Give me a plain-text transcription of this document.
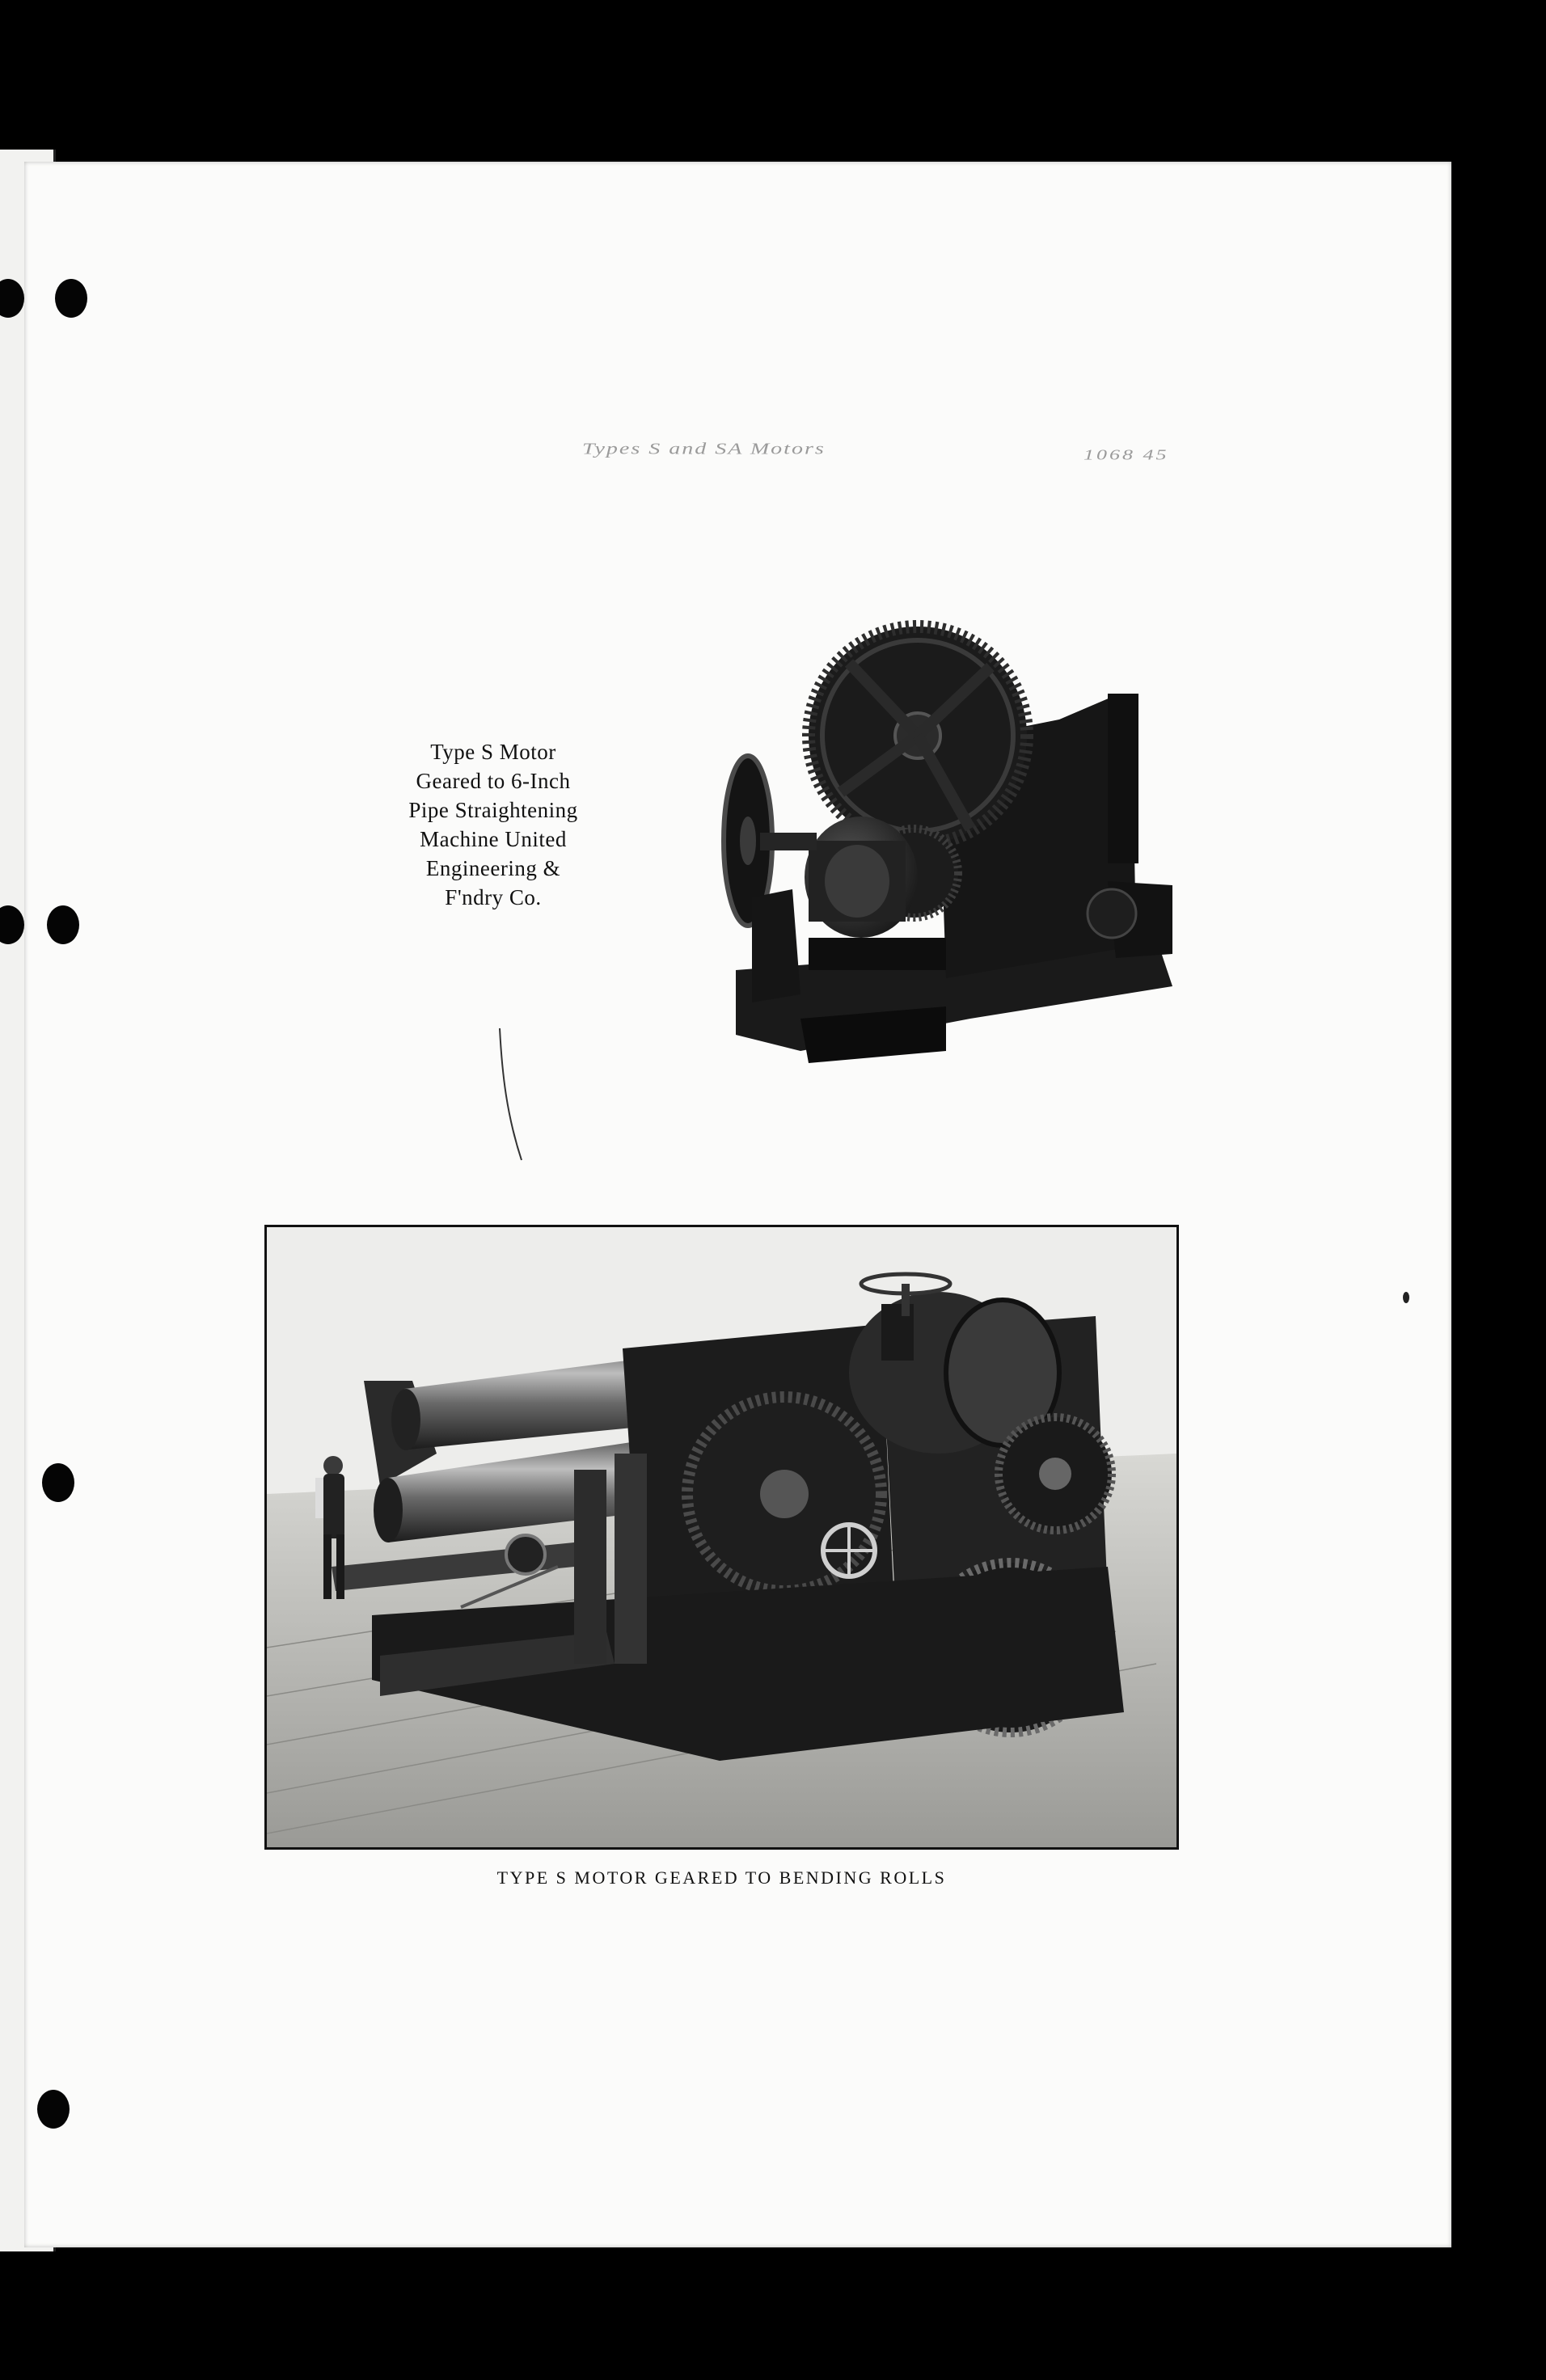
Types S and SA Motors	1068 45
Type S Motor
Geared to 6-Inch
Pipe Straightening
Machine United
Engineering &
F'ndry Co.
TYPE S MOTOR GEARED TO BENDING ROLLS
